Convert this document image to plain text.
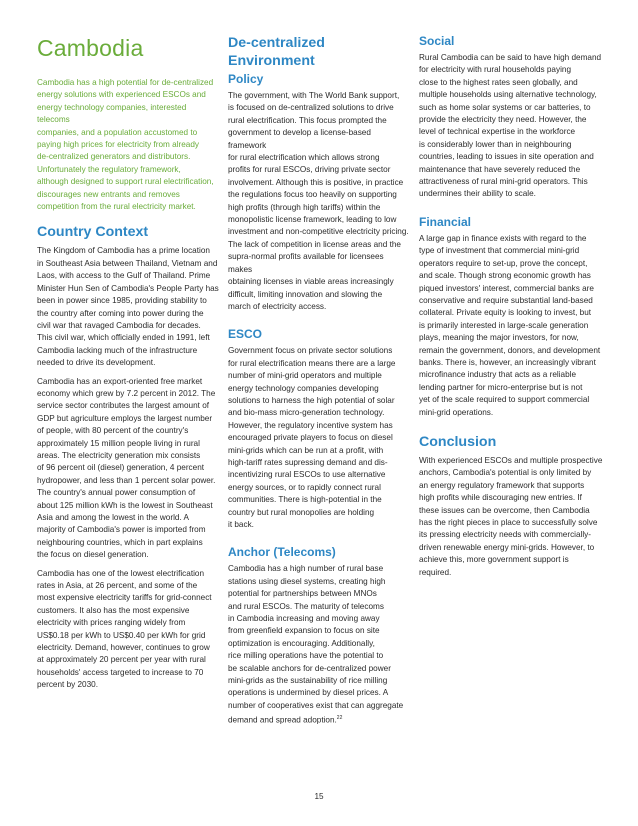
Cambodia
Cambodia has a high potential for de-centralized
energy solutions with experienced ESCOs and
energy technology companies, interested telecoms
companies, and a population accustomed to
paying high prices for electricity from already
de-centralized generators and distributors.
Unfortunately the regulatory framework,
although designed to support rural electrification,
discourages new entrants and removes
competition from the rural electricity market.
Country Context
The Kingdom of Cambodia has a prime location
in Southeast Asia between Thailand, Vietnam and
Laos, with access to the Gulf of Thailand. Prime
Minister Hun Sen of Cambodia's People Party has
been in power since 1985, providing stability to
the country after coming into power during the
civil war that ravaged Cambodia for decades.
This civil war, which officially ended in 1991, left
Cambodia lacking much of the infrastructure
needed to drive its development.
Cambodia has an export-oriented free market
economy which grew by 7.2 percent in 2012. The
service sector contributes the largest amount of
GDP but agriculture employs the largest number
of people, with 80 percent of the country's
approximately 15 million people living in rural
areas. The electricity generation mix consists
of 96 percent oil (diesel) generation, 4 percent
hydropower, and less than 1 percent solar power.
The country's annual power consumption of
about 125 million kWh is the lowest in Southeast
Asia and among the lowest in the world. A
majority of Cambodia's power is imported from
neighbouring countries, which in part explains
the focus on diesel generation.
Cambodia has one of the lowest electrification
rates in Asia, at 26 percent, and some of the
most expensive electricity tariffs for grid-connect
customers. It also has the most expensive
electricity with prices ranging widely from
US$0.18 per kWh to US$0.40 per kWh for grid
electricity. Demand, however, continues to grow
at approximately 20 percent per year with rural
households' access targeted to increase to 70
percent by 2030.
De-centralized Environment
Policy
The government, with The World Bank support,
is focused on de-centralized solutions to drive
rural electrification. This focus prompted the
government to develop a license-based framework
for rural electrification which allows strong
profits for rural ESCOs, driving private sector
involvement. Although this is positive, in practice
the regulations focus too heavily on supporting
high profits (through high tariffs) within the
monopolistic license framework, leading to low
investment and non-competitive electricity pricing.
The lack of competition in license areas and the
supra-normal profits available for licensees makes
obtaining licenses in viable areas increasingly
difficult, limiting innovation and slowing the
march of electricity access.
ESCO
Government focus on private sector solutions
for rural electrification means there are a large
number of mini-grid operators and multiple
energy technology companies developing
solutions to harness the high potential of solar
and bio-mass micro-generation technology.
However, the regulatory incentive system has
encouraged private players to focus on diesel
mini-grids which can be run at a profit, with
high-tariff rates supressing demand and dis-
incentivizing rural ESCOs to use alternative
energy sources, or to rapidly connect rural
communities. There is high-potential in the
country but rural monopolies are holding
it back.
Anchor (Telecoms)
Cambodia has a high number of rural base
stations using diesel systems, creating high
potential for partnerships between MNOs
and rural ESCOs. The maturity of telecoms
in Cambodia increasing and moving away
from greenfield expansion to focus on site
optimization is encouraging. Additionally,
rice milling operations have the potential to
be scalable anchors for de-centralized power
mini-grids as the sustainability of rice milling
operations is undermined by diesel prices. A
number of cooperatives exist that can aggregate
demand and spread adoption.$^{22}$
Social
Rural Cambodia can be said to have high demand
for electricity with rural households paying
close to the highest rates seen globally, and
multiple households using alternative technology,
such as home solar systems or car batteries, to
provide the electricity they need. However, the
level of technical expertise in the workforce
is considerably lower than in neighbouring
countries, leading to issues in site operation and
maintenance that have severely reduced the
attractiveness of rural mini-grid operators. This
undermines their ability to scale.
Financial
A large gap in finance exists with regard to the
type of investment that commercial mini-grid
operators require to set-up, prove the concept,
and scale. Though strong economic growth has
piqued investors' interest, commercial banks are
conservative and require substantial land-based
collateral. Private equity is looking to invest, but
is primarily interested in large-scale generation
plays, meaning the major investors, for now,
remain the government, donors, and development
banks. There is, however, an increasingly vibrant
microfinance industry that acts as a reliable
lending partner for micro-enterprise but is not
yet of the scale required to support commercial
mini-grid operations.
Conclusion
With experienced ESCOs and multiple prospective
anchors, Cambodia's potential is only limited by
an energy regulatory framework that supports
high profits while discouraging new entries. If
these issues can be overcome, then Cambodia
has the right pieces in place to successfully solve
its pressing electricity needs with commercially-
driven renewable energy mini-grids. However, to
achieve this, more government support is required.
15
